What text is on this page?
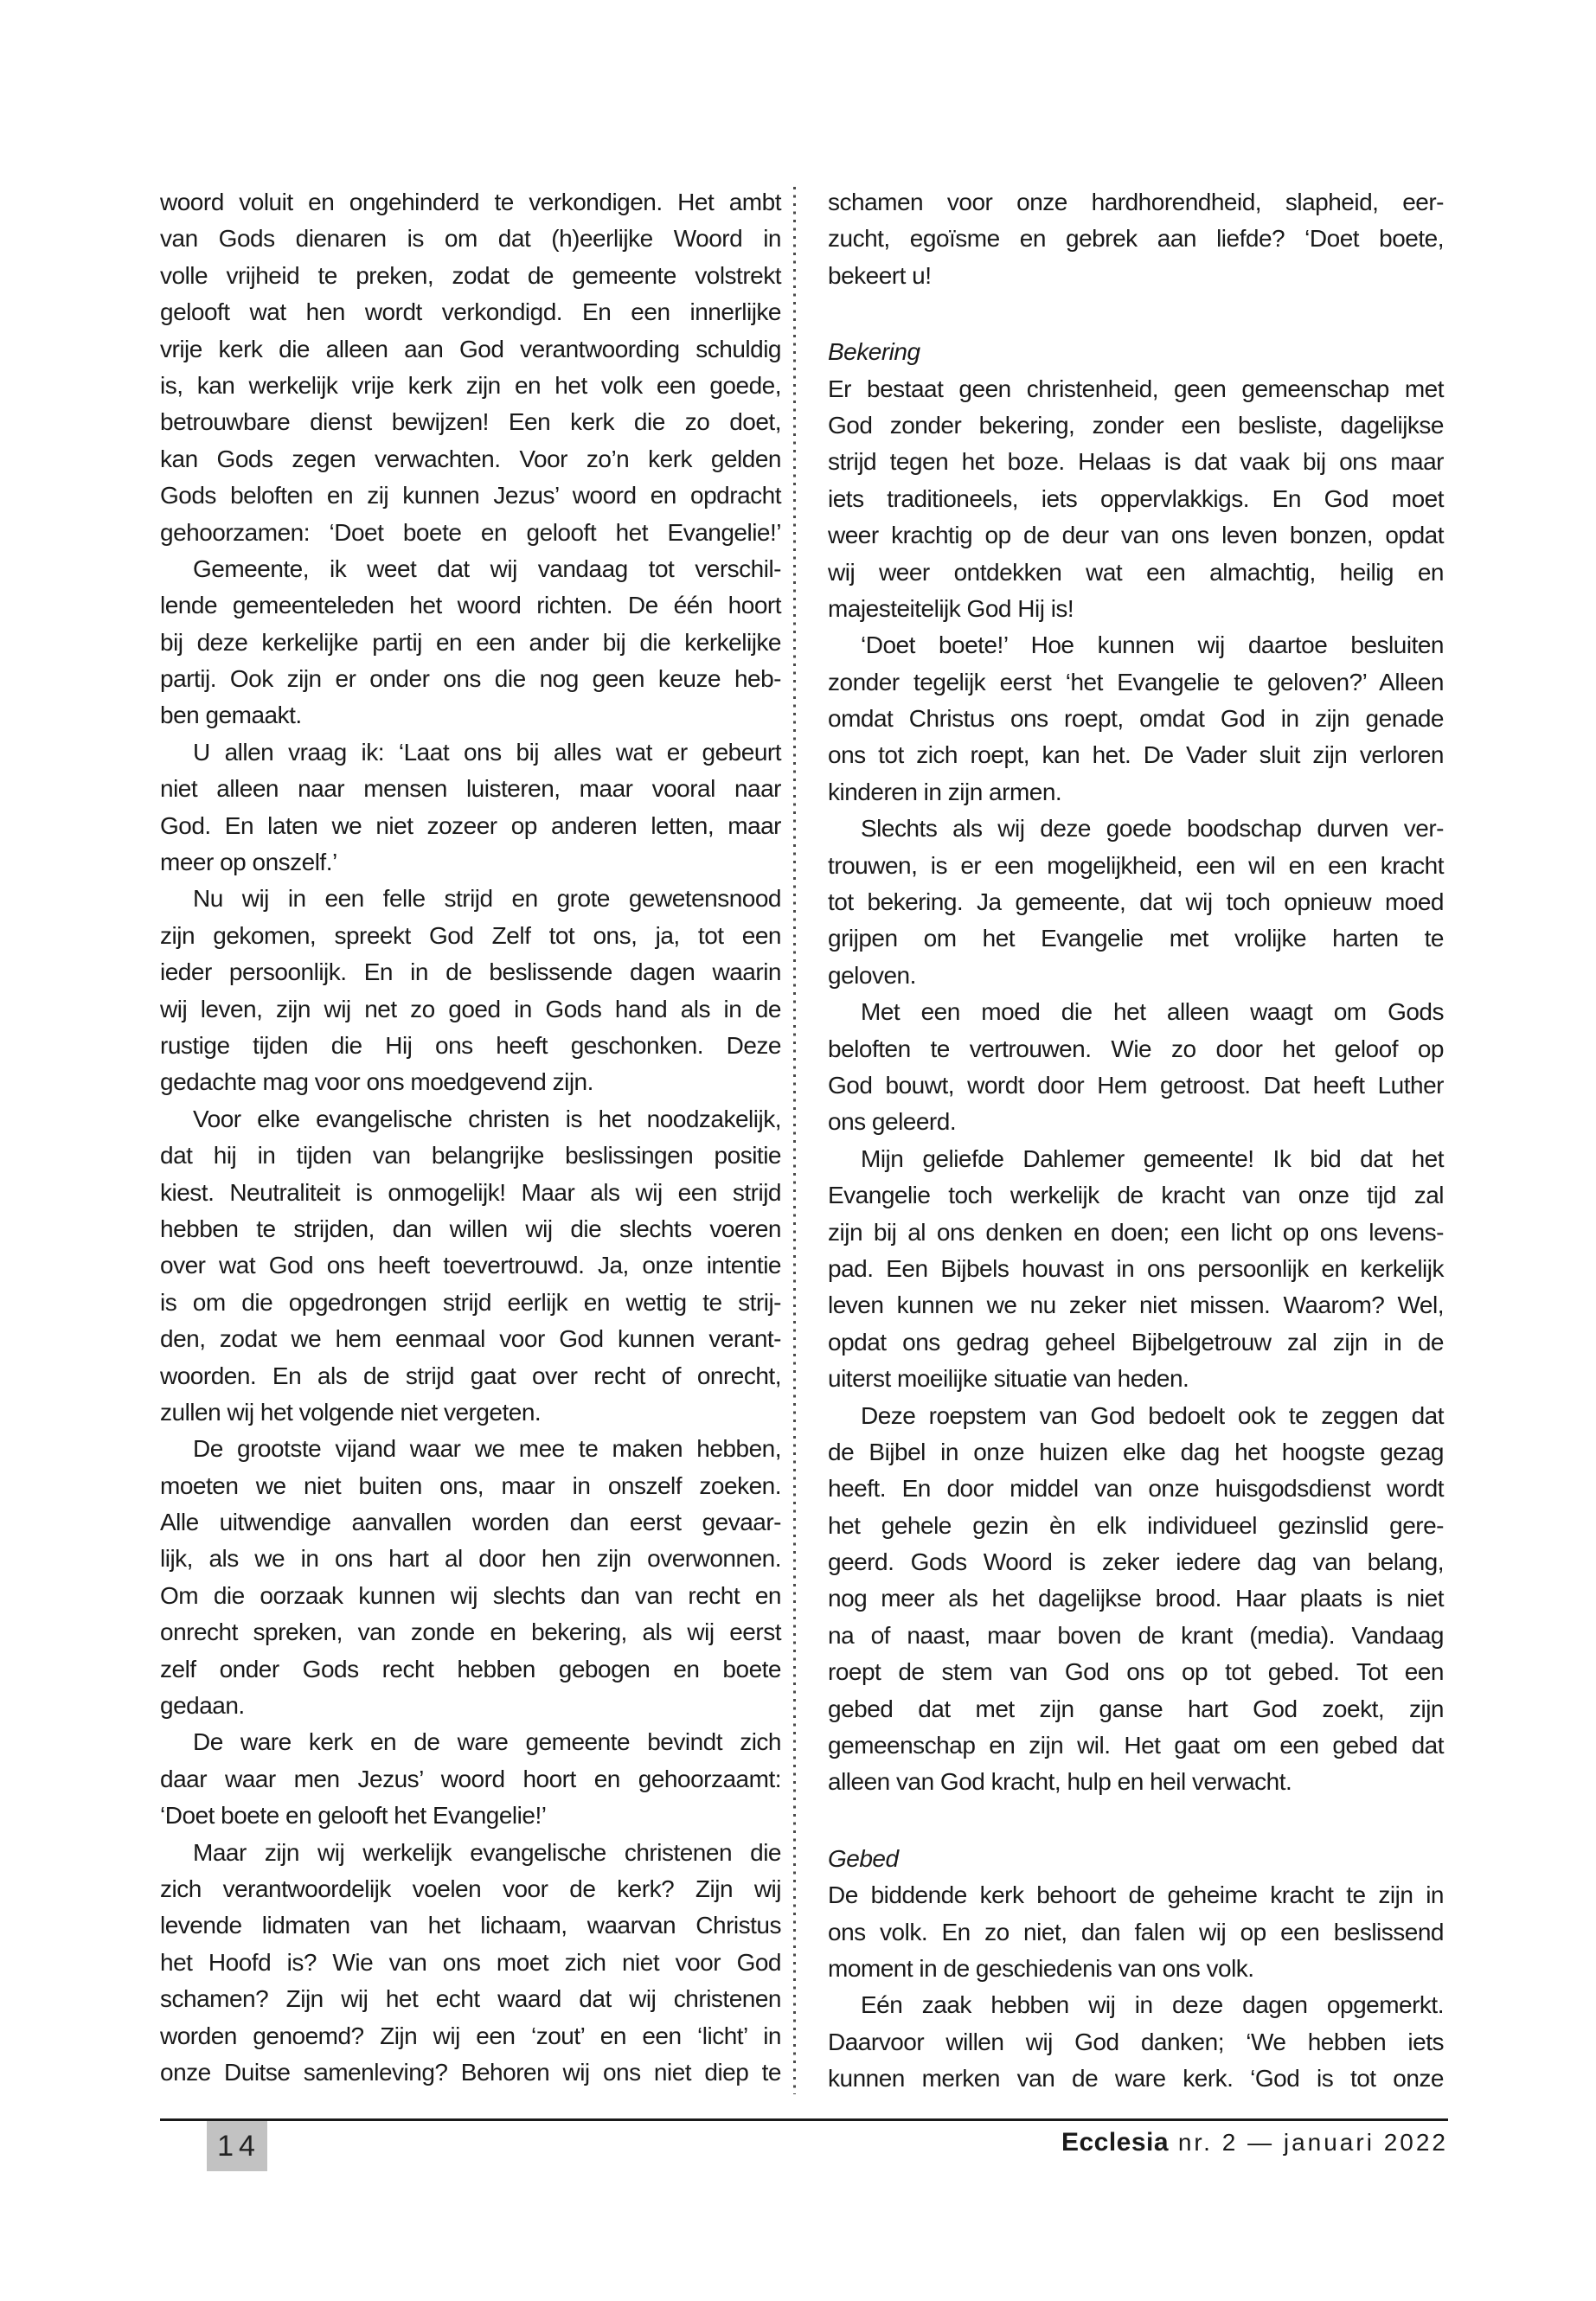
woord voluit en ongehinderd te verkondigen. Het ambt
van Gods dienaren is om dat (h)eerlijke Woord in
volle vrijheid te preken, zodat de gemeente volstrekt
gelooft wat hen wordt verkondigd. En een innerlijke
vrije kerk die alleen aan God verantwoording schuldig
is, kan werkelijk vrije kerk zijn en het volk een goede,
betrouwbare dienst bewijzen! Een kerk die zo doet,
kan Gods zegen verwachten. Voor zo’n kerk gelden
Gods beloften en zij kunnen Jezus’ woord en opdracht
gehoorzamen: ‘Doet boete en gelooft het Evangelie!’
Gemeente, ik weet dat wij vandaag tot verschil-
lende gemeenteleden het woord richten. De één hoort
bij deze kerkelijke partij en een ander bij die kerkelijke
partij. Ook zijn er onder ons die nog geen keuze heb-
ben gemaakt.
U allen vraag ik: ‘Laat ons bij alles wat er gebeurt
niet alleen naar mensen luisteren, maar vooral naar
God. En laten we niet zozeer op anderen letten, maar
meer op onszelf.’
Nu wij in een felle strijd en grote gewetensnood
zijn gekomen, spreekt God Zelf tot ons, ja, tot een
ieder persoonlijk. En in de beslissende dagen waarin
wij leven, zijn wij net zo goed in Gods hand als in de
rustige tijden die Hij ons heeft geschonken. Deze
gedachte mag voor ons moedgevend zijn.
Voor elke evangelische christen is het noodzakelijk,
dat hij in tijden van belangrijke beslissingen positie
kiest. Neutraliteit is onmogelijk! Maar als wij een strijd
hebben te strijden, dan willen wij die slechts voeren
over wat God ons heeft toevertrouwd. Ja, onze intentie
is om die opgedrongen strijd eerlijk en wettig te strij-
den, zodat we hem eenmaal voor God kunnen verant-
woorden. En als de strijd gaat over recht of onrecht,
zullen wij het volgende niet vergeten.
De grootste vijand waar we mee te maken hebben,
moeten we niet buiten ons, maar in onszelf zoeken.
Alle uitwendige aanvallen worden dan eerst gevaar-
lijk, als we in ons hart al door hen zijn overwonnen.
Om die oorzaak kunnen wij slechts dan van recht en
onrecht spreken, van zonde en bekering, als wij eerst
zelf onder Gods recht hebben gebogen en boete
gedaan.
De ware kerk en de ware gemeente bevindt zich
daar waar men Jezus’ woord hoort en gehoorzaamt:
‘Doet boete en gelooft het Evangelie!’
Maar zijn wij werkelijk evangelische christenen die
zich verantwoordelijk voelen voor de kerk? Zijn wij
levende lidmaten van het lichaam, waarvan Christus
het Hoofd is? Wie van ons moet zich niet voor God
schamen? Zijn wij het echt waard dat wij christenen
worden genoemd? Zijn wij een ‘zout’ en een ‘licht’ in
onze Duitse samenleving? Behoren wij ons niet diep te
schamen voor onze hardhorendheid, slapheid, eer-
zucht, egoïsme en gebrek aan liefde? ‘Doet boete,
bekeert u!
Bekering
Er bestaat geen christenheid, geen gemeenschap met
God zonder bekering, zonder een besliste, dagelijkse
strijd tegen het boze. Helaas is dat vaak bij ons maar
iets traditioneels, iets oppervlakkigs. En God moet
weer krachtig op de deur van ons leven bonzen, opdat
wij weer ontdekken wat een almachtig, heilig en
majesteitelijk God Hij is!
‘Doet boete!’ Hoe kunnen wij daartoe besluiten
zonder tegelijk eerst ‘het Evangelie te geloven?’ Alleen
omdat Christus ons roept, omdat God in zijn genade
ons tot zich roept, kan het. De Vader sluit zijn verloren
kinderen in zijn armen.
Slechts als wij deze goede boodschap durven ver-
trouwen, is er een mogelijkheid, een wil en een kracht
tot bekering. Ja gemeente, dat wij toch opnieuw moed
grijpen om het Evangelie met vrolijke harten te
geloven.
Met een moed die het alleen waagt om Gods
beloften te vertrouwen. Wie zo door het geloof op
God bouwt, wordt door Hem getroost. Dat heeft Luther
ons geleerd.
Mijn geliefde Dahlemer gemeente! Ik bid dat het
Evangelie toch werkelijk de kracht van onze tijd zal
zijn bij al ons denken en doen; een licht op ons levens-
pad. Een Bijbels houvast in ons persoonlijk en kerkelijk
leven kunnen we nu zeker niet missen. Waarom? Wel,
opdat ons gedrag geheel Bijbelgetrouw zal zijn in de
uiterst moeilijke situatie van heden.
Deze roepstem van God bedoelt ook te zeggen dat
de Bijbel in onze huizen elke dag het hoogste gezag
heeft. En door middel van onze huisgodsdienst wordt
het gehele gezin èn elk individueel gezinslid gere-
geerd. Gods Woord is zeker iedere dag van belang,
nog meer als het dagelijkse brood. Haar plaats is niet
na of naast, maar boven de krant (media). Vandaag
roept de stem van God ons op tot gebed. Tot een
gebed dat met zijn ganse hart God zoekt, zijn
gemeenschap en zijn wil. Het gaat om een gebed dat
alleen van God kracht, hulp en heil verwacht.
Gebed
De biddende kerk behoort de geheime kracht te zijn in
ons volk. En zo niet, dan falen wij op een beslissend
moment in de geschiedenis van ons volk.
Eén zaak hebben wij in deze dagen opgemerkt.
Daarvoor willen wij God danken; ‘We hebben iets
kunnen merken van de ware kerk. ‘God is tot onze
14	Ecclesia nr. 2 — januari 2022
